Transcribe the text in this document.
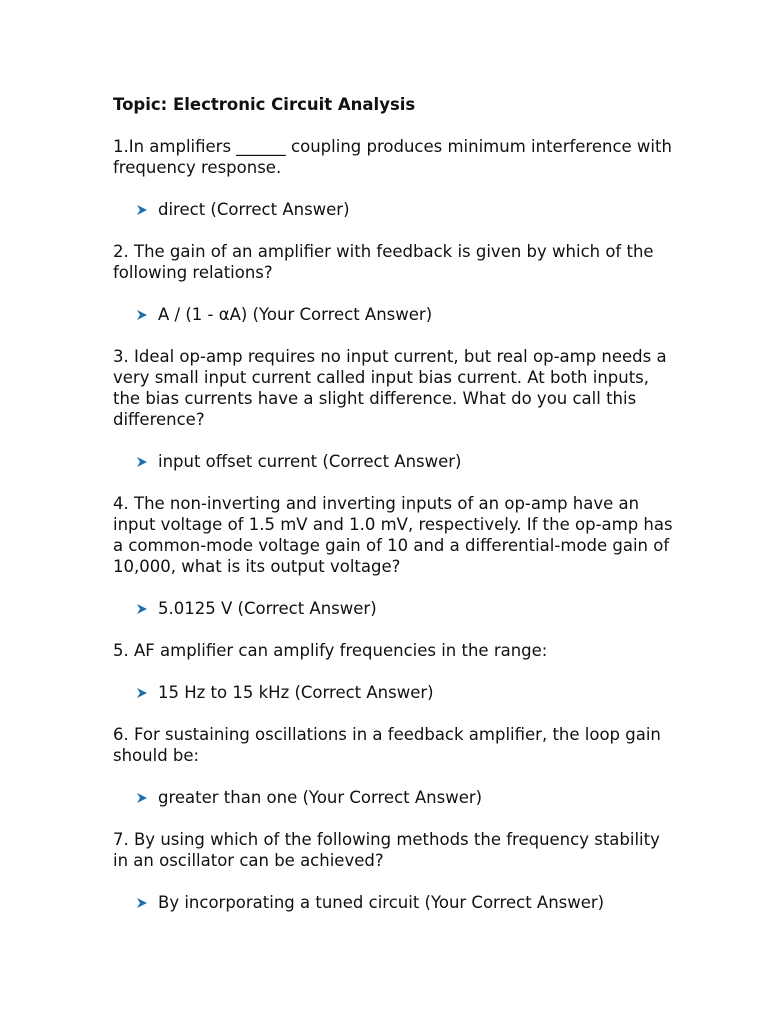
Topic: Electronic Circuit Analysis
1.In amplifiers ______ coupling produces minimum interference with frequency response.
direct (Correct Answer)
2. The gain of an amplifier with feedback is given by which of the following relations?
A / (1 - αA) (Your Correct Answer)
3. Ideal op-amp requires no input current, but real op-amp needs a very small input current called input bias current. At both inputs, the bias currents have a slight difference. What do you call this difference?
input offset current (Correct Answer)
4. The non-inverting and inverting inputs of an op-amp have an input voltage of 1.5 mV and 1.0 mV, respectively. If the op-amp has a common-mode voltage gain of 10 and a differential-mode gain of 10,000, what is its output voltage?
5.0125 V (Correct Answer)
5. AF amplifier can amplify frequencies in the range:
15 Hz to 15 kHz (Correct Answer)
6. For sustaining oscillations in a feedback amplifier, the loop gain should be:
greater than one (Your Correct Answer)
7. By using which of the following methods the frequency stability in an oscillator can be achieved?
By incorporating a tuned circuit (Your Correct Answer)
